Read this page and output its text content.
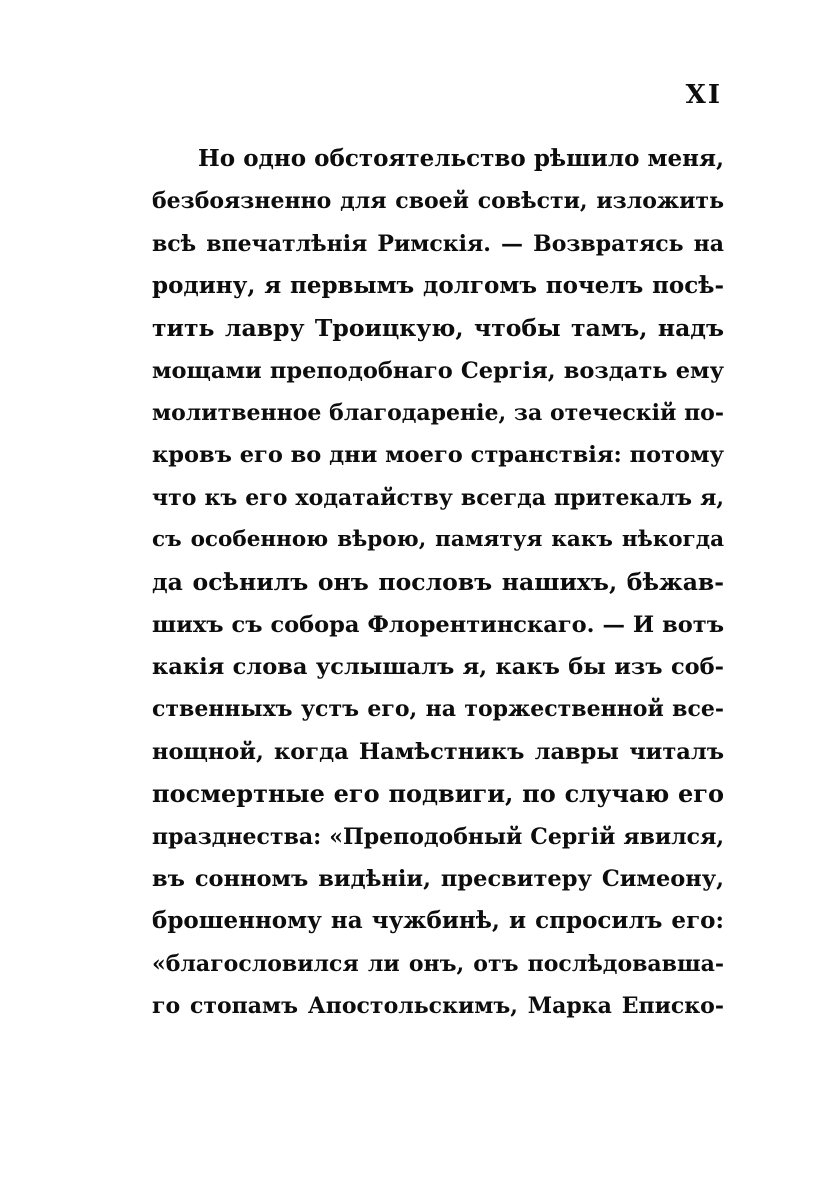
XI
Но одно обстоятельство рѣшило меня,
безбоязненно для своей совѣсти, изложить
всѣ впечатлѣнія Римскія. — Возвратясь на
родину, я первымъ долгомъ почелъ посѣ-
тить лавру Троицкую, чтобы тамъ, надъ
мощами преподобнаго Сергія, воздать ему
молитвенное благодареніе, за отеческій по-
кровъ его во дни моего странствія: потому
что къ его ходатайству всегда притекалъ я,
съ особенною вѣрою, памятуя какъ нѣкогда
да осѣнилъ онъ пословъ нашихъ, бѣжав-
шихъ съ собора Флорентинскаго. — И вотъ
какія слова услышалъ я, какъ бы изъ соб-
ственныхъ устъ его, на торжественной все-
нощной, когда Намѣстникъ лавры читалъ
посмертные его подвиги, по случаю его
празднества: «Преподобный Сергій явился,
въ сонномъ видѣніи, пресвитеру Симеону,
брошенному на чужбинѣ, и спросилъ его:
«благословился ли онъ, отъ послѣдовавша-
го стопамъ Апостольскимъ, Марка Еписко-
